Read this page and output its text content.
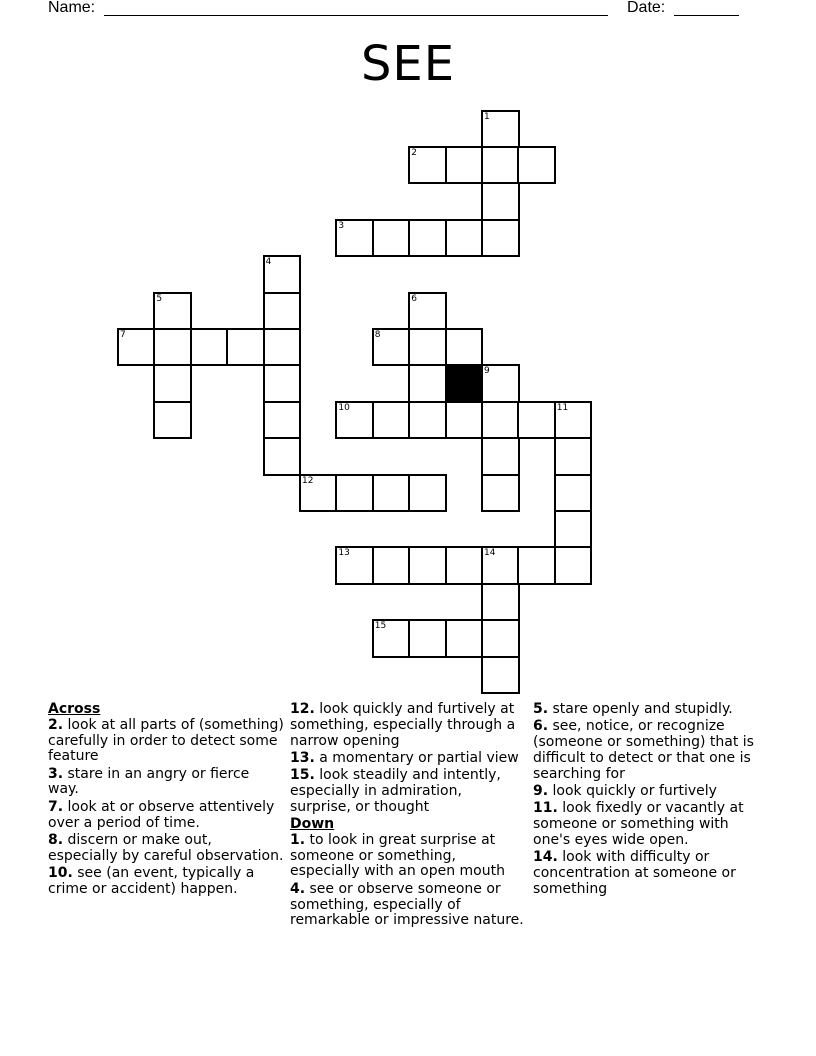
Name:	Date:
SEE
1
2
3
4
5	6
7	8
9
10	11
12
13	14
15
Across
2. look at all parts of (something) carefully in order to detect some feature
3. stare in an angry or fierce way.
7. look at or observe attentively over a period of time.
8. discern or make out, especially by careful observation.
10. see (an event, typically a crime or accident) happen.
12. look quickly and furtively at something, especially through a narrow opening
13. a momentary or partial view
15. look steadily and intently, especially in admiration, surprise, or thought
Down
1. to look in great surprise at someone or something, especially with an open mouth
4. see or observe someone or something, especially of remarkable or impressive nature.
5. stare openly and stupidly.
6. see, notice, or recognize (someone or something) that is difficult to detect or that one is searching for
9. look quickly or furtively
11. look fixedly or vacantly at someone or something with one's eyes wide open.
14. look with difficulty or concentration at someone or something
